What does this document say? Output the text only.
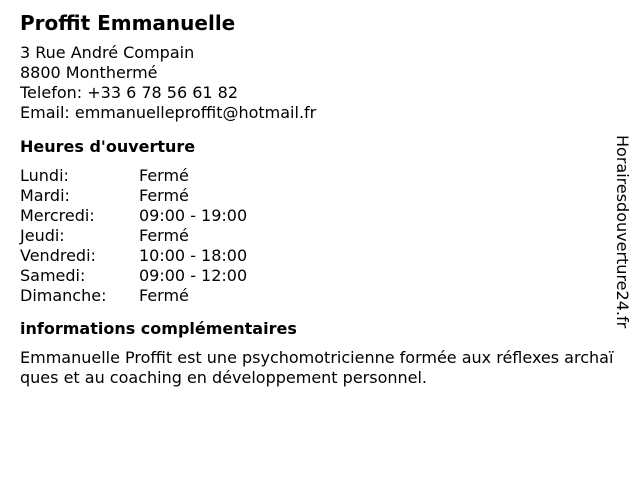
Proffit Emmanuelle
3 Rue André Compain
8800 Monthermé
Telefon: +33 6 78 56 61 82
Email: emmanuelleproffit@hotmail.fr
Heures d'ouverture
Lundi:	Fermé
Mardi:	Fermé
Mercredi:	09:00 - 19:00
Jeudi:	Fermé
Vendredi:	10:00 - 18:00
Samedi:	09:00 - 12:00
Dimanche:	Fermé
informations complémentaires

Emmanuelle Proffit est une psychomotricienne formée aux réflexes archaïques et au coaching en développement personnel.

Horairesdouverture24.fr
